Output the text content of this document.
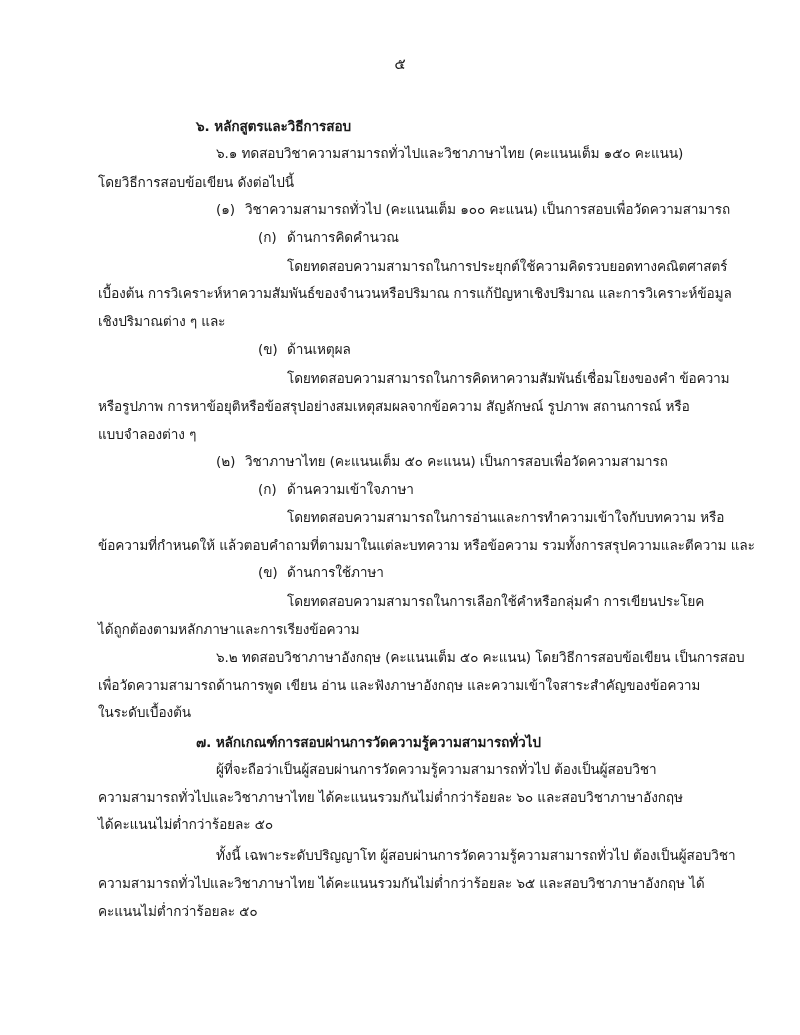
๕
๖. หลักสูตรและวิธีการสอบ
๖.๑ ทดสอบวิชาความสามารถทั่วไปและวิชาภาษาไทย (คะแนนเต็ม ๑๕๐ คะแนน)
โดยวิธีการสอบข้อเขียน ดังต่อไปนี้
(๑) วิชาความสามารถทั่วไป (คะแนนเต็ม ๑๐๐ คะแนน) เป็นการสอบเพื่อวัดความสามารถ
(ก) ด้านการคิดคำนวณ
โดยทดสอบความสามารถในการประยุกต์ใช้ความคิดรวบยอดทางคณิตศาสตร์
เบื้องต้น การวิเคราะห์หาความสัมพันธ์ของจำนวนหรือปริมาณ การแก้ปัญหาเชิงปริมาณ และการวิเคราะห์ข้อมูล
เชิงปริมาณต่าง ๆ และ
(ข) ด้านเหตุผล
โดยทดสอบความสามารถในการคิดหาความสัมพันธ์เชื่อมโยงของคำ ข้อความ
หรือรูปภาพ การหาข้อยุติหรือข้อสรุปอย่างสมเหตุสมผลจากข้อความ สัญลักษณ์ รูปภาพ สถานการณ์ หรือ
แบบจำลองต่าง ๆ
(๒) วิชาภาษาไทย (คะแนนเต็ม ๕๐ คะแนน) เป็นการสอบเพื่อวัดความสามารถ
(ก) ด้านความเข้าใจภาษา
โดยทดสอบความสามารถในการอ่านและการทำความเข้าใจกับบทความ หรือ
ข้อความที่กำหนดให้ แล้วตอบคำถามที่ตามมาในแต่ละบทความ หรือข้อความ รวมทั้งการสรุปความและตีความ และ
(ข) ด้านการใช้ภาษา
โดยทดสอบความสามารถในการเลือกใช้คำหรือกลุ่มคำ การเขียนประโยค
ได้ถูกต้องตามหลักภาษาและการเรียงข้อความ
๖.๒ ทดสอบวิชาภาษาอังกฤษ (คะแนนเต็ม ๕๐ คะแนน) โดยวิธีการสอบข้อเขียน เป็นการสอบ
เพื่อวัดความสามารถด้านการพูด เขียน อ่าน และฟังภาษาอังกฤษ และความเข้าใจสาระสำคัญของข้อความ
ในระดับเบื้องต้น
๗. หลักเกณฑ์การสอบผ่านการวัดความรู้ความสามารถทั่วไป
ผู้ที่จะถือว่าเป็นผู้สอบผ่านการวัดความรู้ความสามารถทั่วไป ต้องเป็นผู้สอบวิชา
ความสามารถทั่วไปและวิชาภาษาไทย ได้คะแนนรวมกันไม่ต่ำกว่าร้อยละ ๖๐ และสอบวิชาภาษาอังกฤษ
ได้คะแนนไม่ต่ำกว่าร้อยละ ๕๐
ทั้งนี้ เฉพาะระดับปริญญาโท ผู้สอบผ่านการวัดความรู้ความสามารถทั่วไป ต้องเป็นผู้สอบวิชา
ความสามารถทั่วไปและวิชาภาษาไทย ได้คะแนนรวมกันไม่ต่ำกว่าร้อยละ ๖๕ และสอบวิชาภาษาอังกฤษ ได้
คะแนนไม่ต่ำกว่าร้อยละ ๕๐
